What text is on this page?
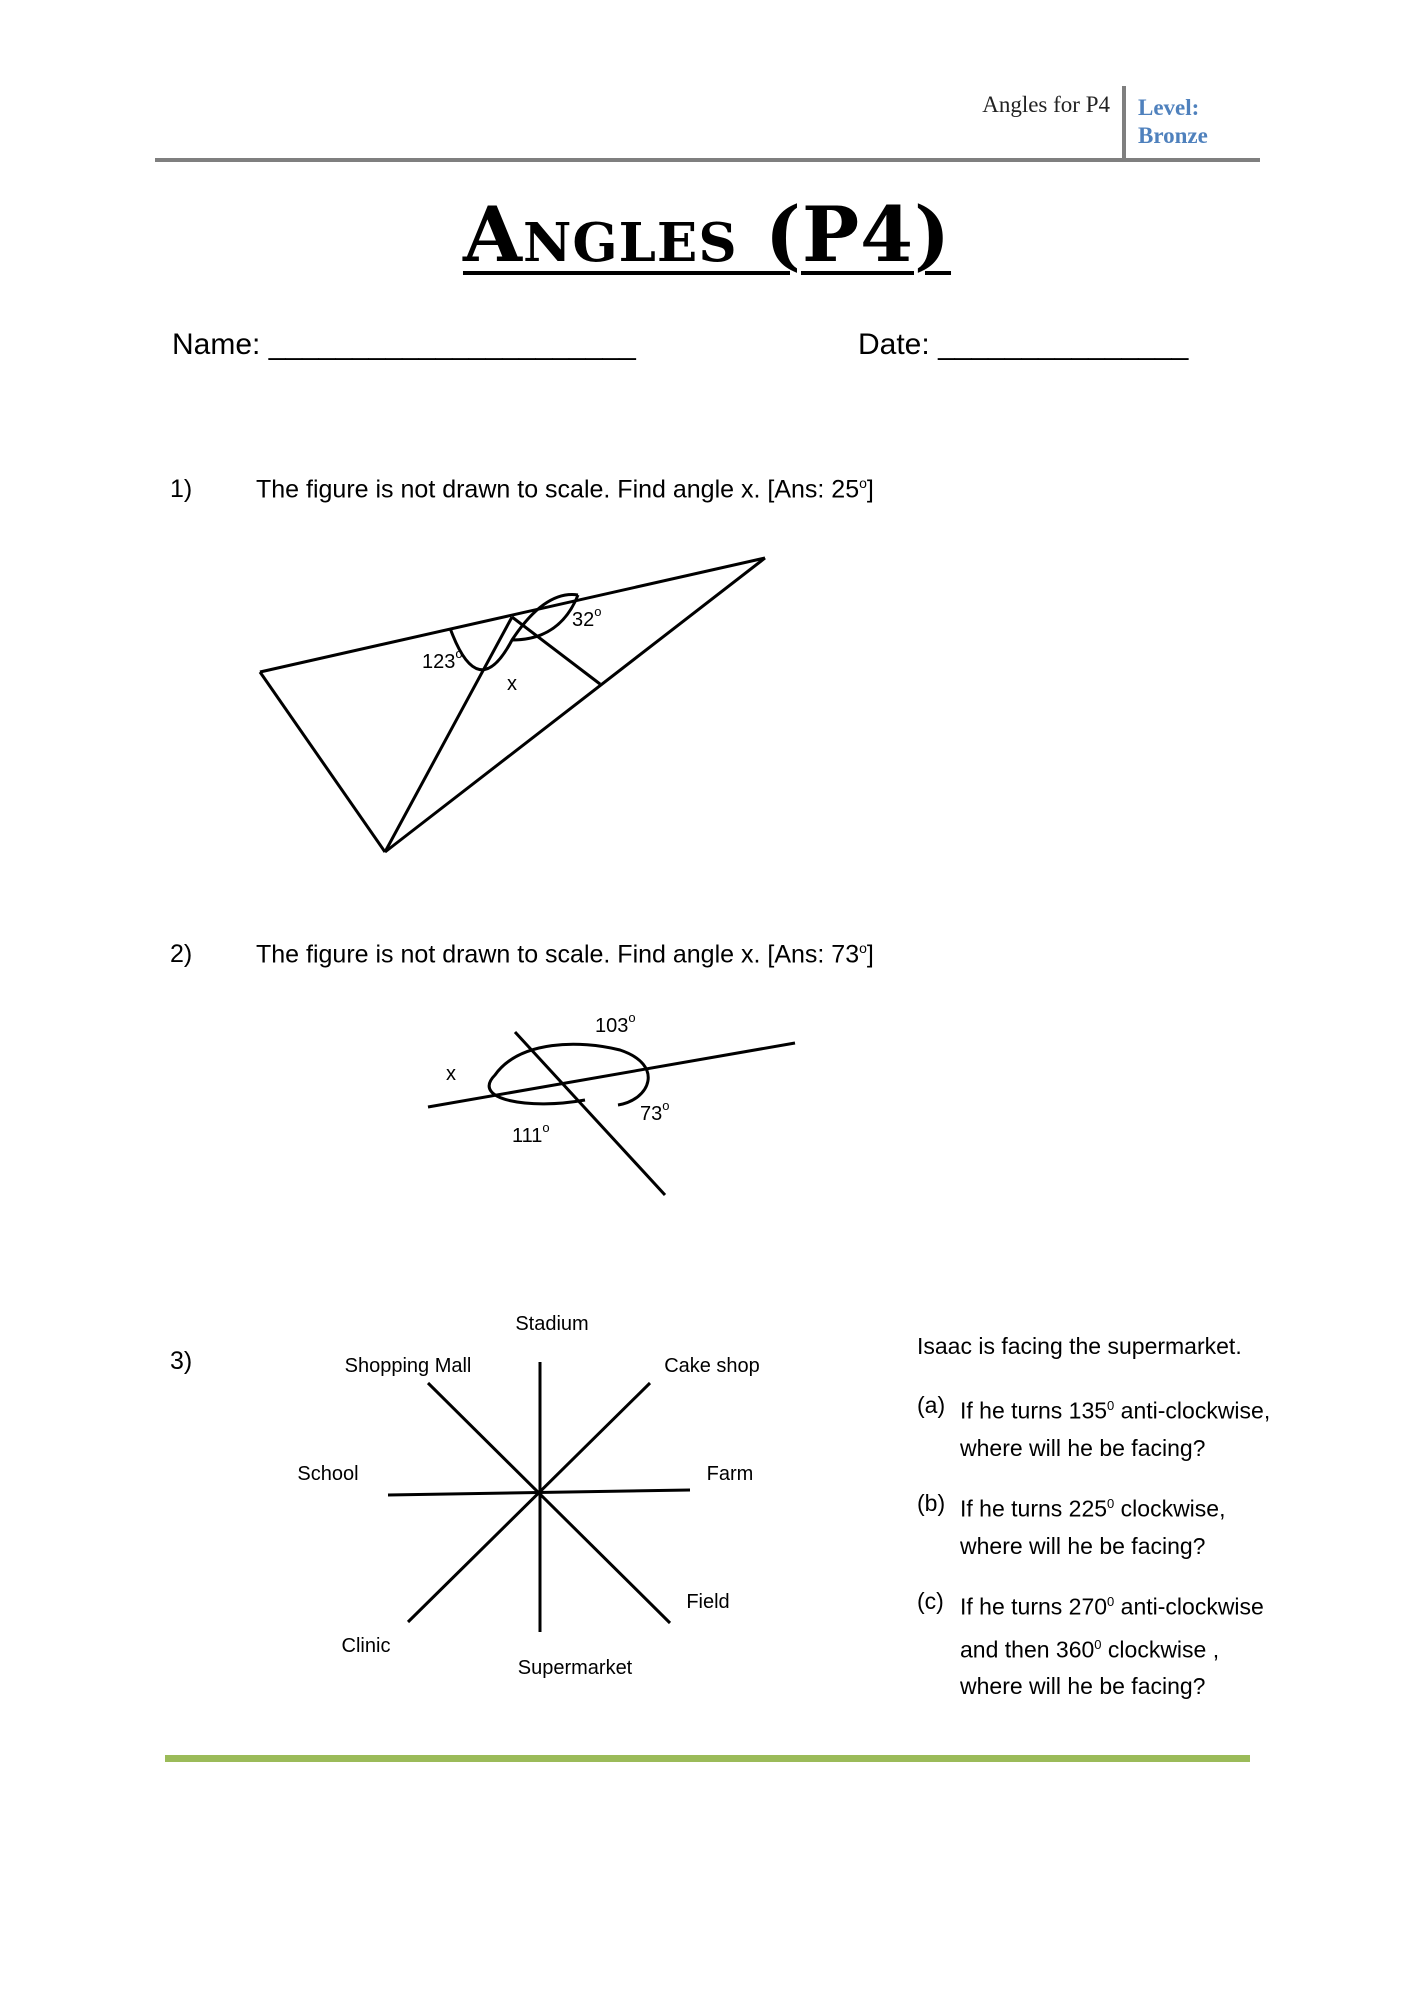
Angles for P4 Level:
Bronze
Angles (P4)
Name: ______________________	Date: _______________
1)	The figure is not drawn to scale. Find angle x. [Ans: 25$^o$]
123$^o$
32$^o$
x
2)	The figure is not drawn to scale. Find angle x. [Ans: 73$^o$]
103$^o$
x
73$^o$
111$^o$
3)
Stadium
Cake shop
Farm
Field
Supermarket
Clinic
School
Shopping Mall
Isaac is facing the supermarket.
(a) If he turns $135^0$ anti-clockwise,
where will he be facing?
(b) If he turns $225^0$ clockwise,
where will he be facing?
(c) If he turns $270^0$ anti-clockwise
and then $360^0$ clockwise ,
where will he be facing?
